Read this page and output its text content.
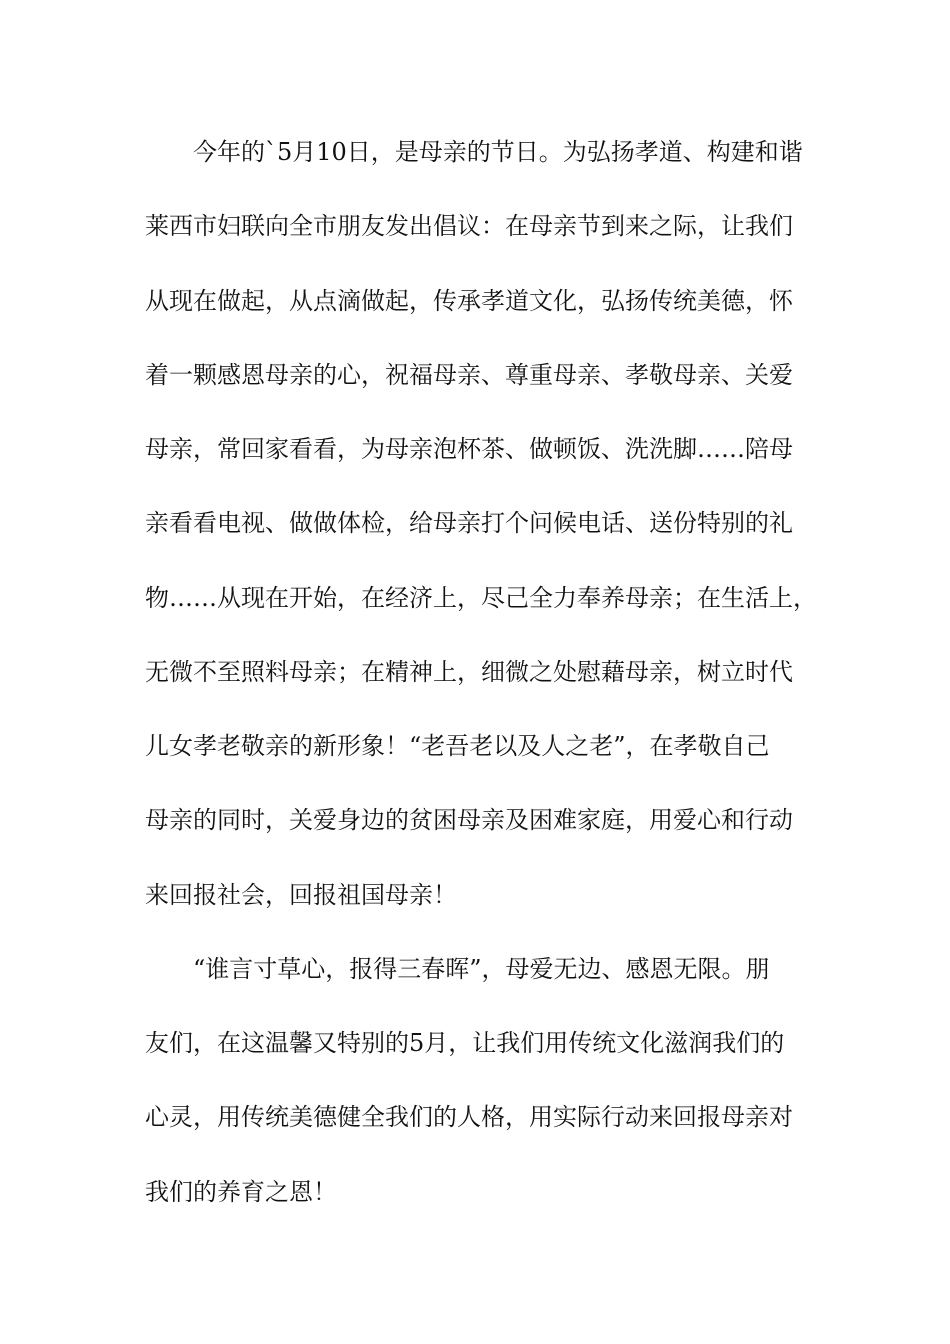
今年的`5月10日，是母亲的节日。为弘扬孝道、构建和谐
莱西市妇联向全市朋友发出倡议：在母亲节到来之际，让我们
从现在做起，从点滴做起，传承孝道文化，弘扬传统美德，怀
着一颗感恩母亲的心，祝福母亲、尊重母亲、孝敬母亲、关爱
母亲，常回家看看，为母亲泡杯茶、做顿饭、洗洗脚……陪母
亲看看电视、做做体检，给母亲打个问候电话、送份特别的礼
物……从现在开始，在经济上，尽己全力奉养母亲；在生活上，
无微不至照料母亲；在精神上，细微之处慰藉母亲，树立时代
儿女孝老敬亲的新形象！“老吾老以及人之老”，在孝敬自己
母亲的同时，关爱身边的贫困母亲及困难家庭，用爱心和行动
来回报社会，回报祖国母亲！
“谁言寸草心，报得三春晖”，母爱无边、感恩无限。朋
友们，在这温馨又特别的5月，让我们用传统文化滋润我们的
心灵，用传统美德健全我们的人格，用实际行动来回报母亲对
我们的养育之恩！
